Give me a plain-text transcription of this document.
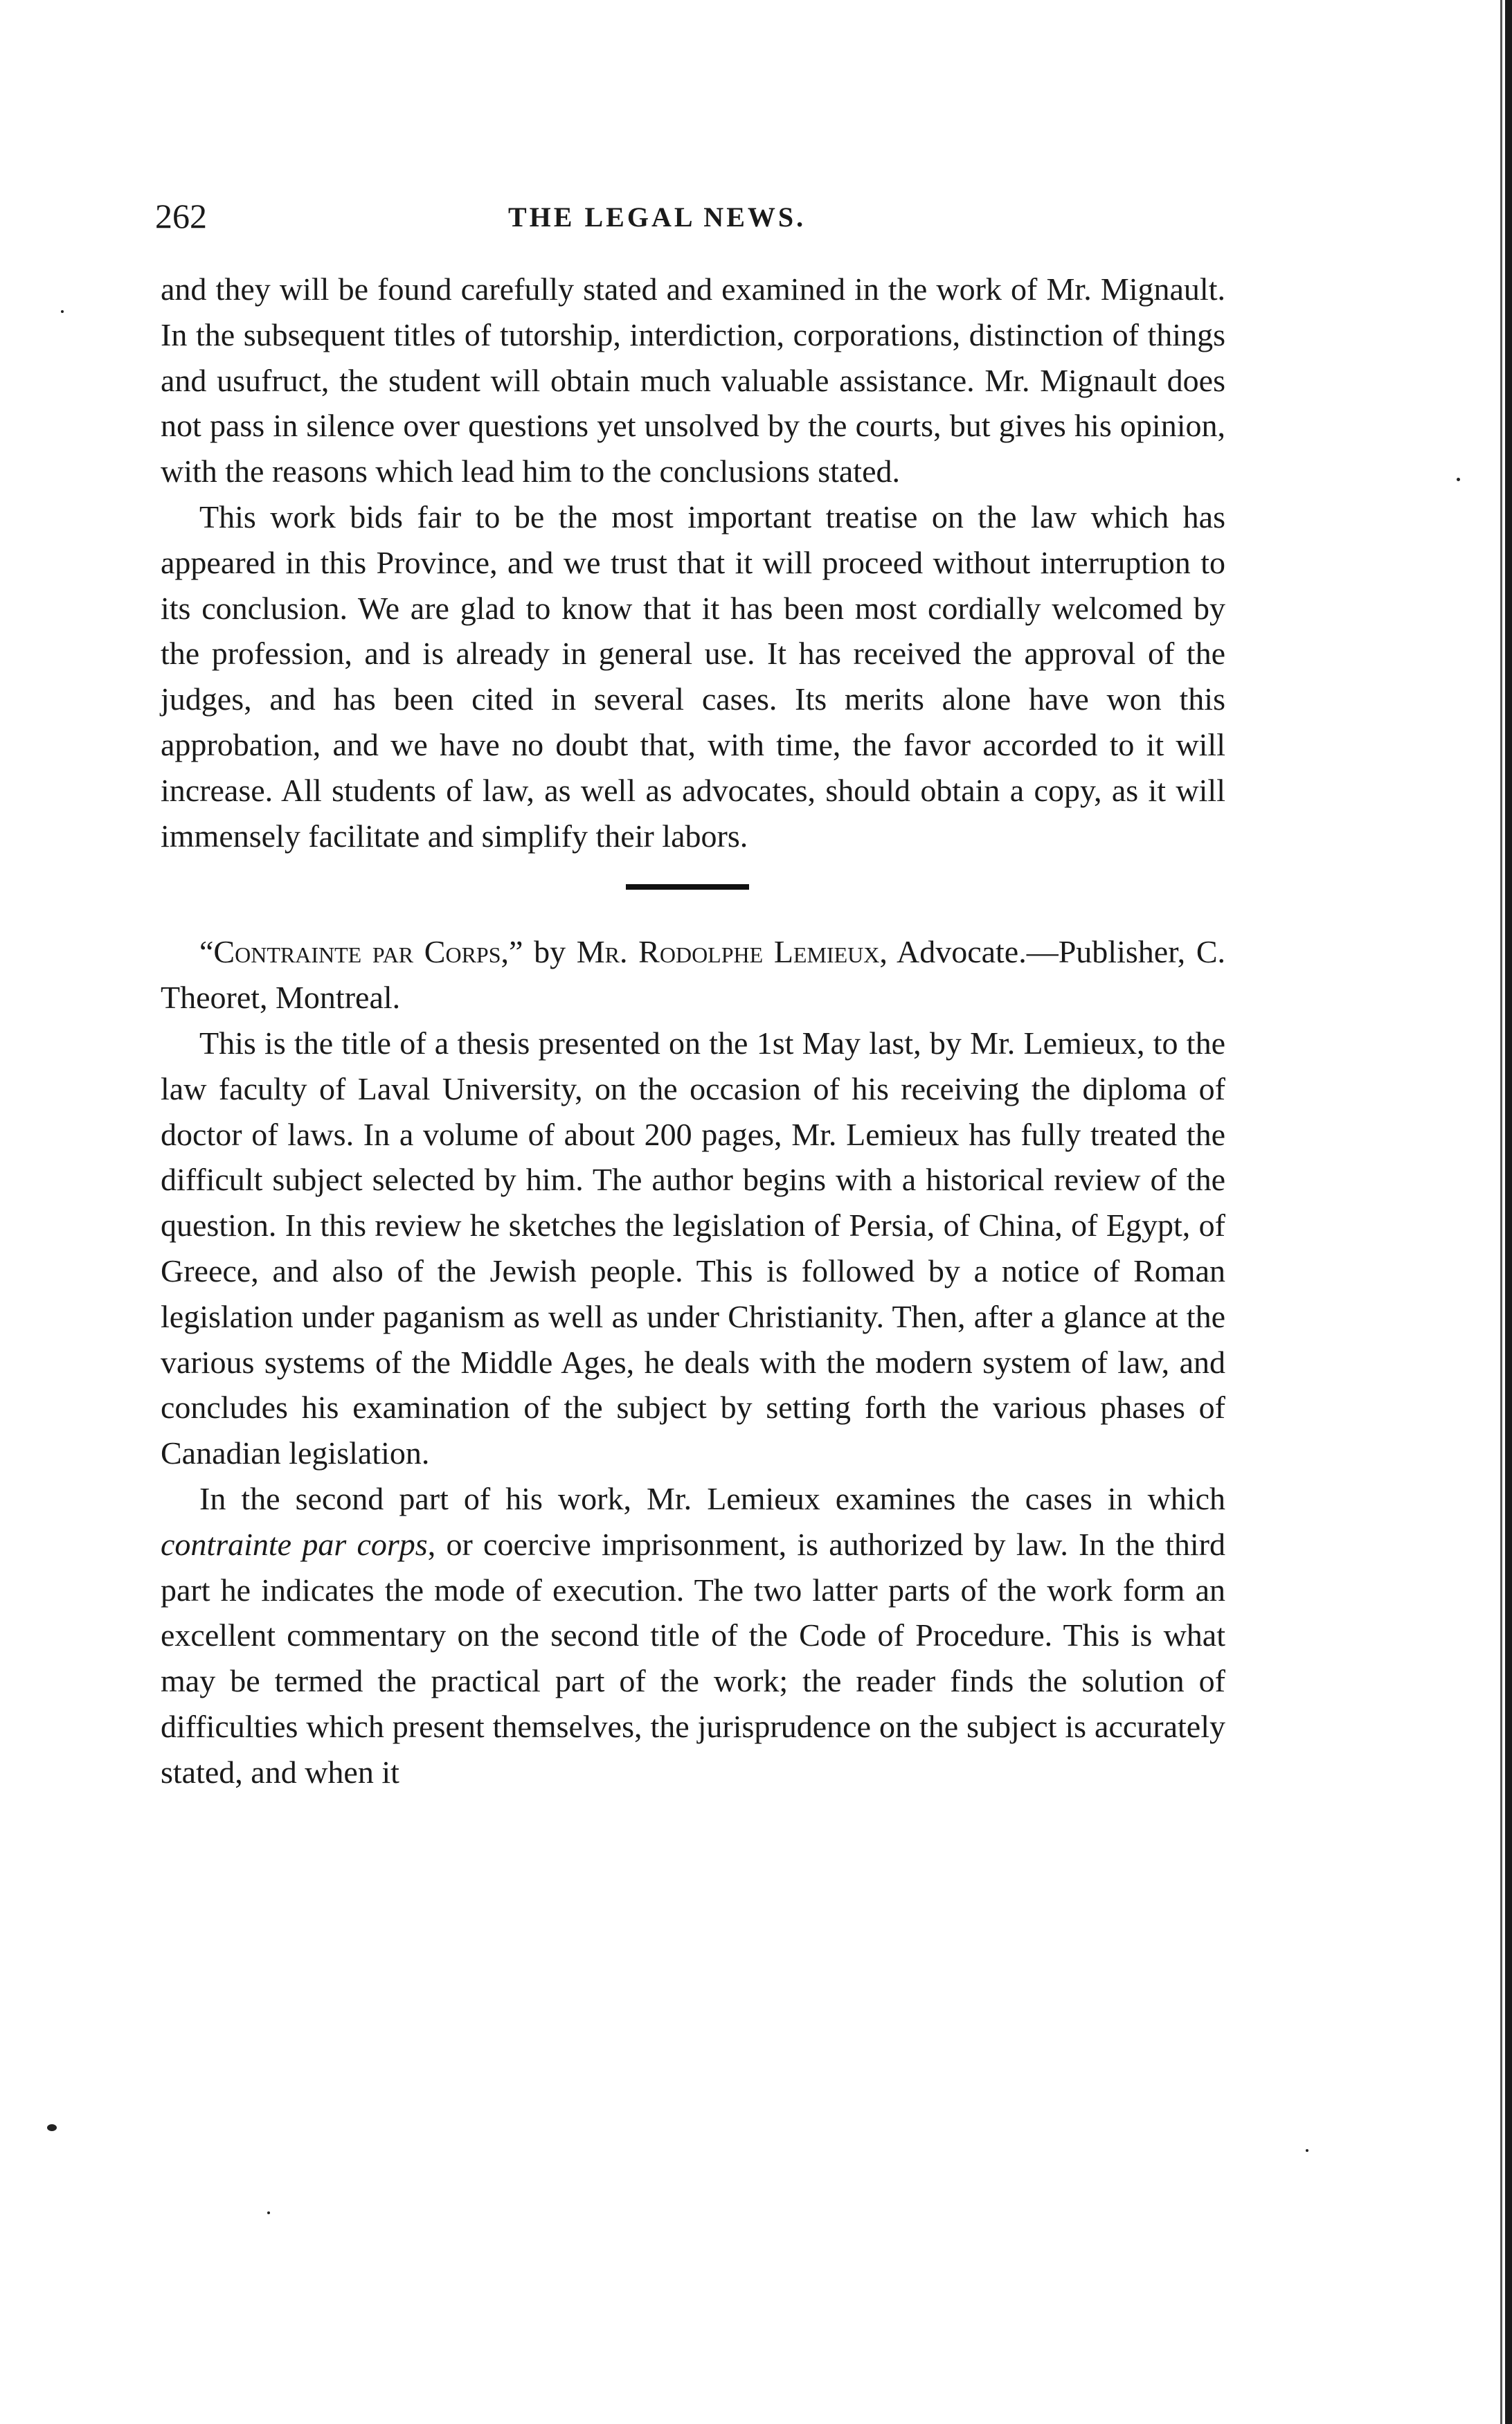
262	THE LEGAL NEWS.

and they will be found carefully stated and examined in the work of Mr. Mignault. In the subsequent titles of tutorship, interdiction, corporations, distinction of things and usufruct, the student will obtain much valuable assistance. Mr. Mignault does not pass in silence over questions yet unsolved by the courts, but gives his opinion, with the reasons which lead him to the conclusions stated.

This work bids fair to be the most important treatise on the law which has appeared in this Province, and we trust that it will proceed without interruption to its conclusion. We are glad to know that it has been most cordially welcomed by the profession, and is already in general use. It has received the approval of the judges, and has been cited in several cases. Its merits alone have won this approbation, and we have no doubt that, with time, the favor accorded to it will increase. All students of law, as well as advocates, should obtain a copy, as it will immensely facilitate and simplify their labors.

“Contrainte par Corps,” by Mr. Rodolphe Lemieux, Advocate.—Publisher, C. Theoret, Montreal.

This is the title of a thesis presented on the 1st May last, by Mr. Lemieux, to the law faculty of Laval University, on the occasion of his receiving the diploma of doctor of laws. In a volume of about 200 pages, Mr. Lemieux has fully treated the difficult subject selected by him. The author begins with a historical review of the question. In this review he sketches the legislation of Persia, of China, of Egypt, of Greece, and also of the Jewish people. This is followed by a notice of Roman legislation under paganism as well as under Christianity. Then, after a glance at the various systems of the Middle Ages, he deals with the modern system of law, and concludes his examination of the subject by setting forth the various phases of Canadian legislation.

In the second part of his work, Mr. Lemieux examines the cases in which contrainte par corps, or coercive imprisonment, is authorized by law. In the third part he indicates the mode of execution. The two latter parts of the work form an excellent commentary on the second title of the Code of Procedure. This is what may be termed the practical part of the work; the reader finds the solution of difficulties which present themselves, the jurisprudence on the subject is accurately stated, and when it
